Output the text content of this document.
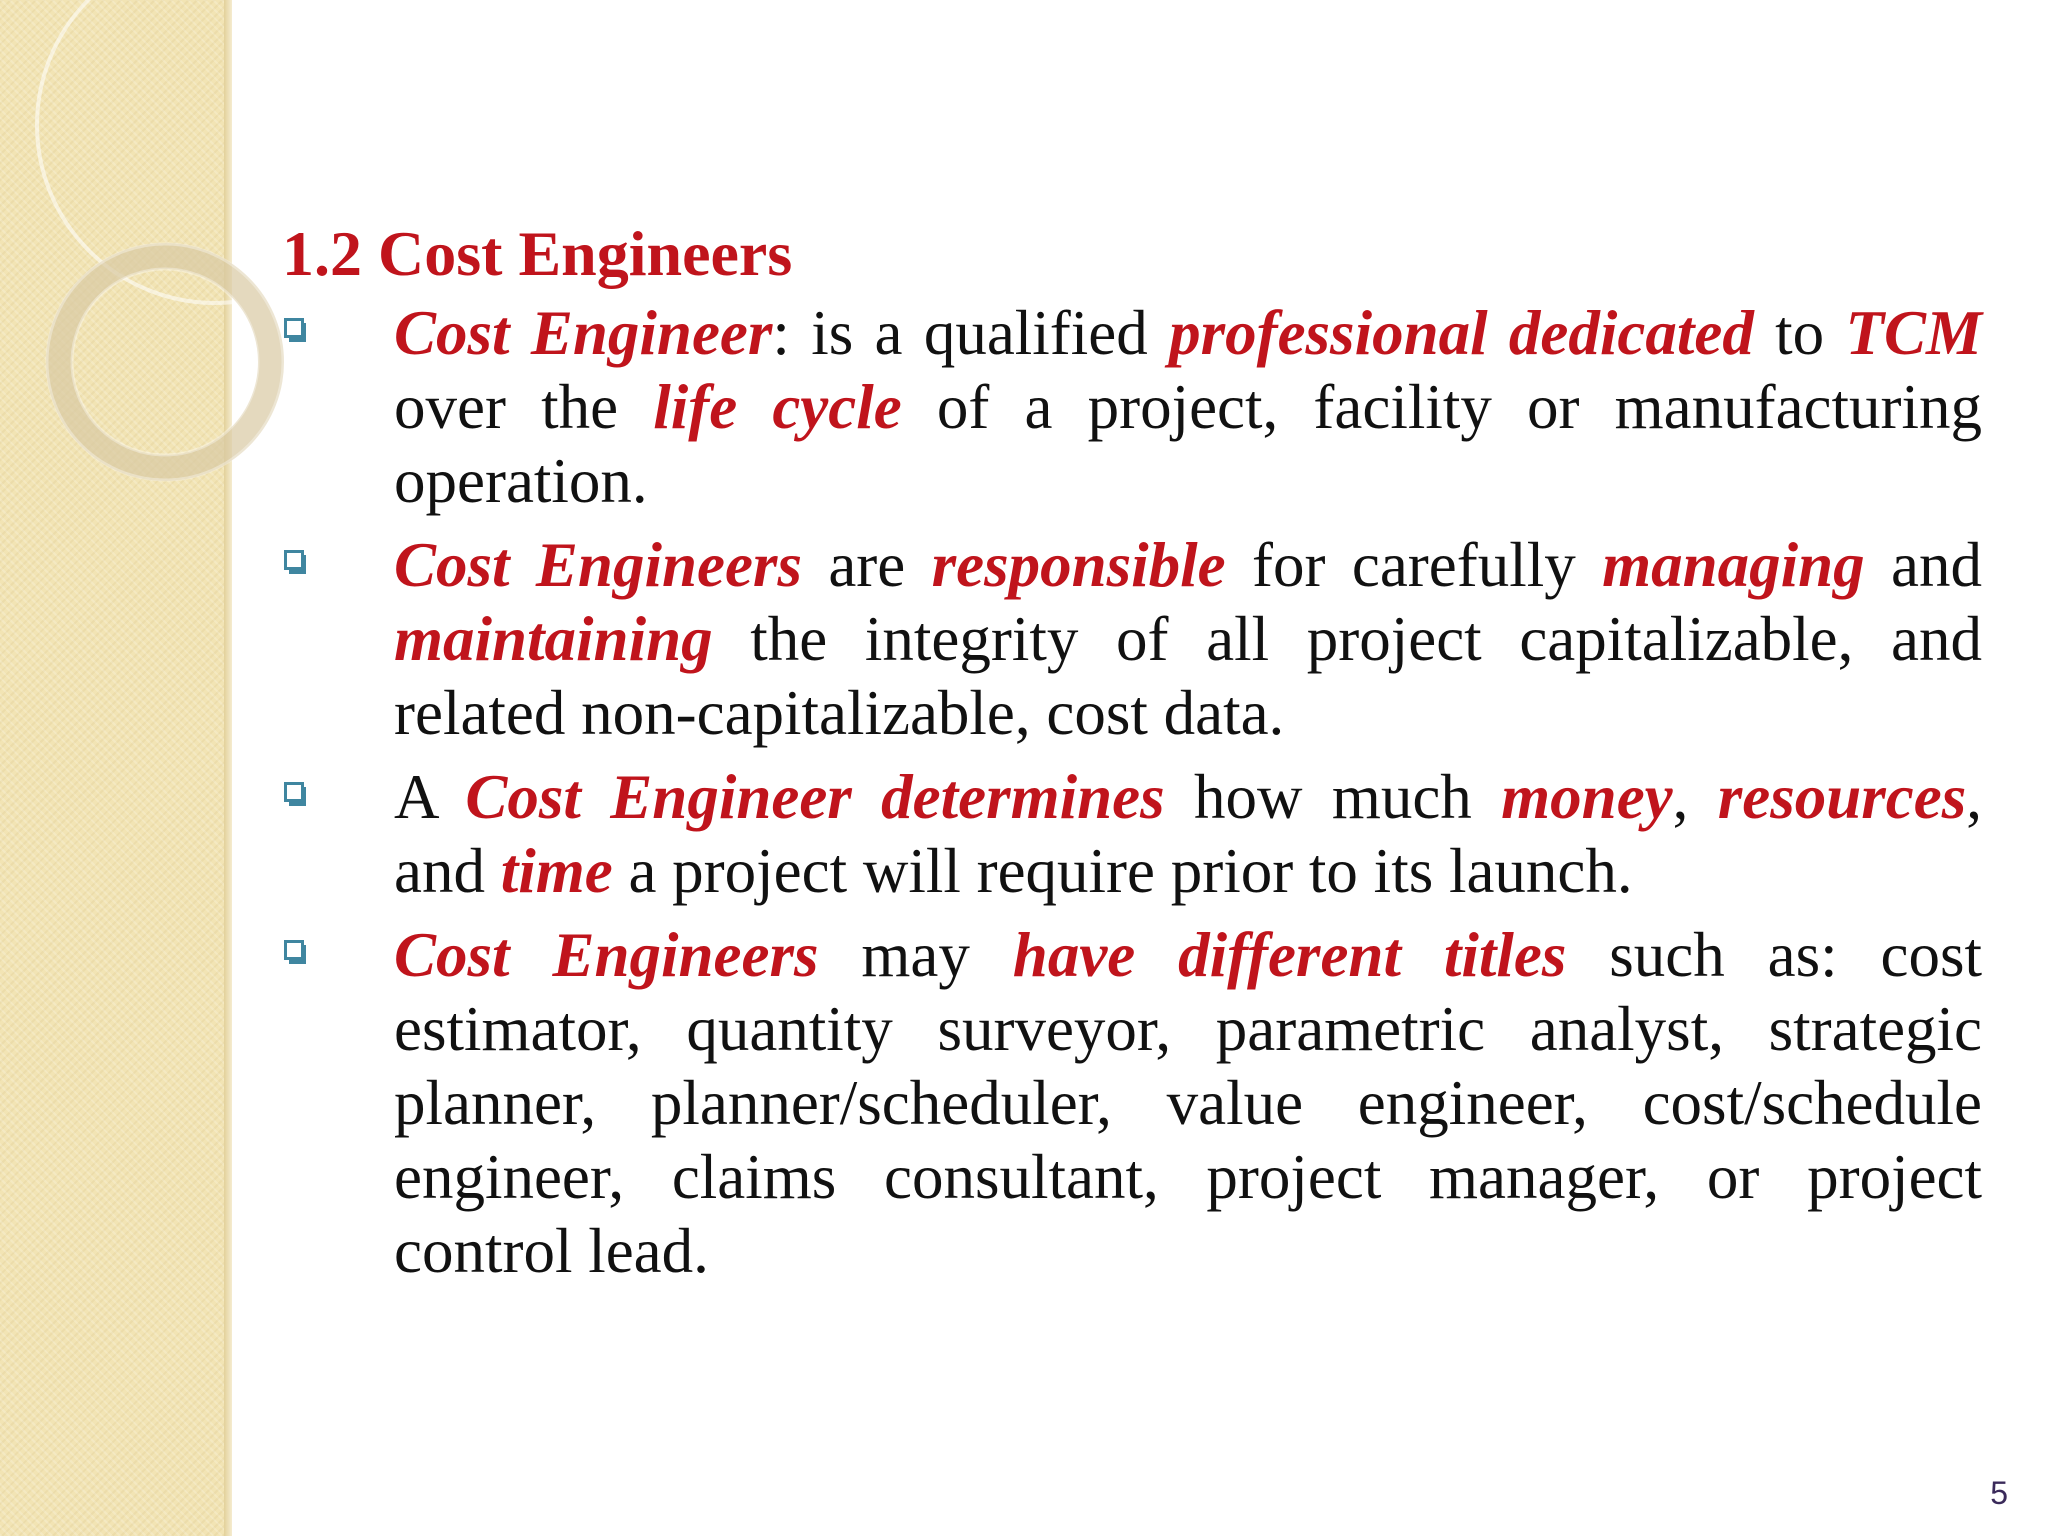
1.2 Cost Engineers
Cost Engineer: is a qualified professional dedicated to TCM over the life cycle of a project, facility or manufacturing operation.
Cost Engineers are responsible for carefully managing and maintaining the integrity of all project capitalizable, and related non-capitalizable, cost data.
A Cost Engineer determines how much money, resources, and time a project will require prior to its launch.
Cost Engineers may have different titles such as: cost estimator, quantity surveyor, parametric analyst, strategic planner, planner/scheduler, value engineer, cost/schedule engineer, claims consultant, project manager, or project control lead.
5
